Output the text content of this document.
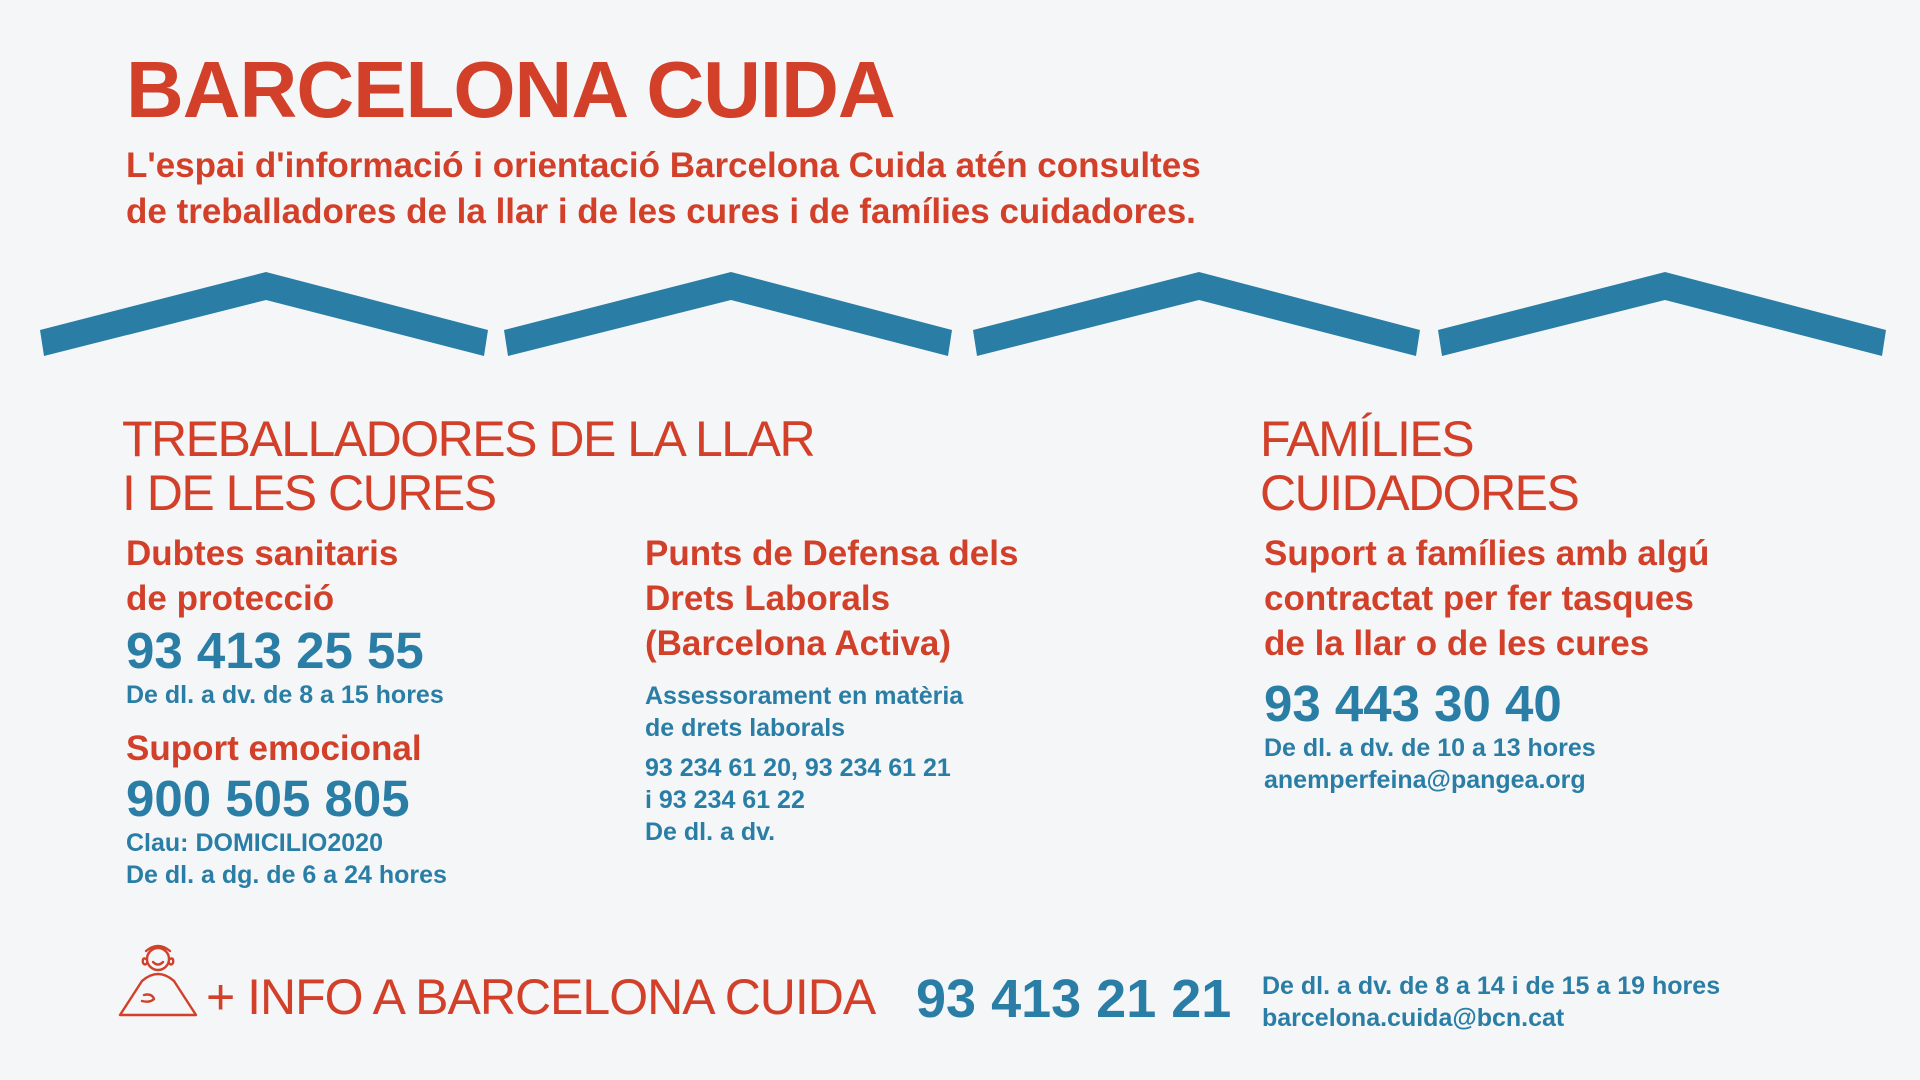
BARCELONA CUIDA
L'espai d'informació i orientació Barcelona Cuida atén consultes
de treballadores de la llar i de les cures i de famílies cuidadores.
TREBALLADORES DE LA LLAR
I DE LES CURES
FAMÍLIES
CUIDADORES
Dubtes sanitaris
de protecció
93 413 25 55
De dl. a dv. de 8 a 15 hores
Suport emocional
900 505 805
Clau: DOMICILIO2020
De dl. a dg. de 6 a 24 hores
Punts de Defensa dels
Drets Laborals
(Barcelona Activa)
Assessorament en matèria
de drets laborals
93 234 61 20, 93 234 61 21
i 93 234 61 22
De dl. a dv.
Suport a famílies amb algú
contractat per fer tasques
de la llar o de les cures
93 443 30 40
De dl. a dv. de 10 a 13 hores
anemperfeina@pangea.org
+ INFO A BARCELONA CUIDA 93 413 21 21 De dl. a dv. de 8 a 14 i de 15 a 19 hores
barcelona.cuida@bcn.cat
